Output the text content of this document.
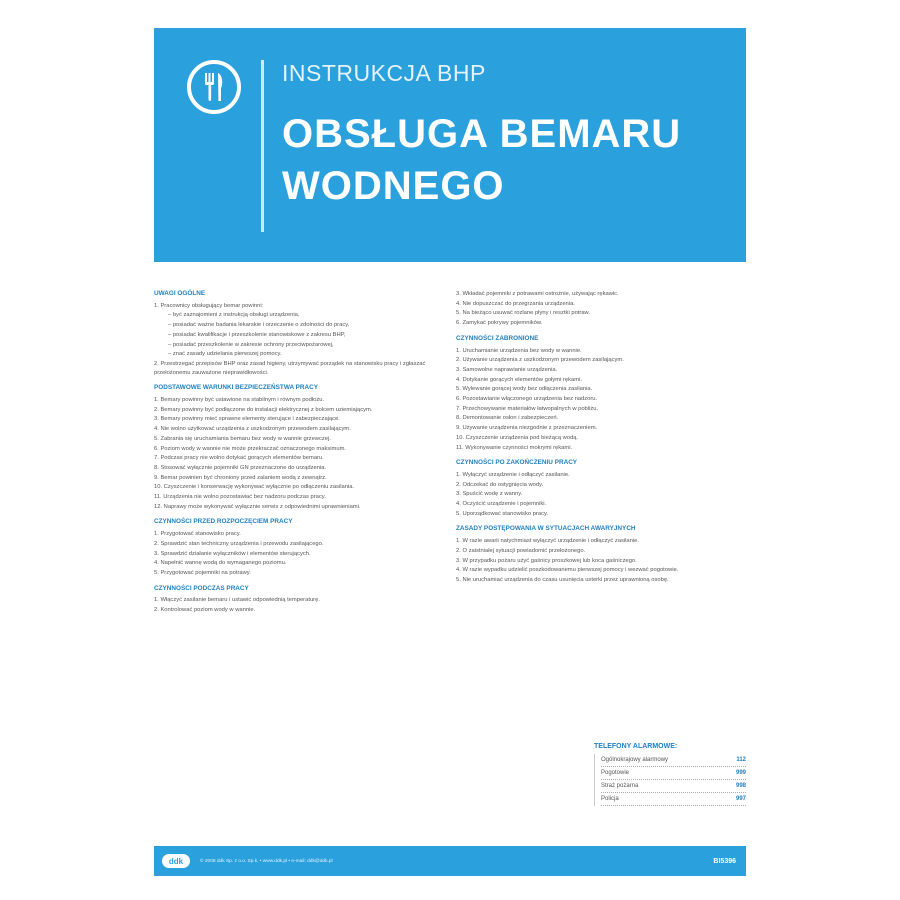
INSTRUKCJA BHP
OBSŁUGA BEMARU
WODNEGO
UWAGI OGÓLNE
1. Pracownicy obsługujący bemar powinni:
– być zaznajomieni z instrukcją obsługi urządzenia,
– posiadać ważne badania lekarskie i orzeczenie o zdolności do pracy,
– posiadać kwalifikacje i przeszkolenie stanowiskowe z zakresu BHP,
– posiadać przeszkolenie w zakresie ochrony przeciwpożarowej,
– znać zasady udzielania pierwszej pomocy.
2. Przestrzegać przepisów BHP oraz zasad higieny, utrzymywać porządek na stanowisku pracy i zgłaszać przełożonemu zauważone nieprawidłowości.
PODSTAWOWE WARUNKI BEZPIECZEŃSTWA PRACY
1. Bemary powinny być ustawione na stabilnym i równym podłożu.
2. Bemary powinny być podłączone do instalacji elektrycznej z bolcem uziemiającym.
3. Bemary powinny mieć sprawne elementy sterujące i zabezpieczające.
4. Nie wolno użytkować urządzenia z uszkodzonym przewodem zasilającym.
5. Zabrania się uruchamiania bemaru bez wody w wannie grzewczej.
6. Poziom wody w wannie nie może przekraczać oznaczonego maksimum.
7. Podczas pracy nie wolno dotykać gorących elementów bemaru.
8. Stosować wyłącznie pojemniki GN przeznaczone do urządzenia.
9. Bemar powinien być chroniony przed zalaniem wodą z zewnątrz.
10. Czyszczenie i konserwację wykonywać wyłącznie po odłączeniu zasilania.
11. Urządzenia nie wolno pozostawiać bez nadzoru podczas pracy.
12. Naprawy może wykonywać wyłącznie serwis z odpowiednimi uprawnieniami.
CZYNNOŚCI PRZED ROZPOCZĘCIEM PRACY
1. Przygotować stanowisko pracy.
2. Sprawdzić stan techniczny urządzenia i przewodu zasilającego.
3. Sprawdzić działanie wyłączników i elementów sterujących.
4. Napełnić wannę wodą do wymaganego poziomu.
5. Przygotować pojemniki na potrawy.
CZYNNOŚCI PODCZAS PRACY
1. Włączyć zasilanie bemaru i ustawić odpowiednią temperaturę.
2. Kontrolować poziom wody w wannie.
3. Wkładać pojemniki z potrawami ostrożnie, używając rękawic.
4. Nie dopuszczać do przegrzania urządzenia.
5. Na bieżąco usuwać rozlane płyny i resztki potraw.
6. Zamykać pokrywy pojemników.
CZYNNOŚCI ZABRONIONE
1. Uruchamianie urządzenia bez wody w wannie.
2. Używanie urządzenia z uszkodzonym przewodem zasilającym.
3. Samowolne naprawianie urządzenia.
4. Dotykanie gorących elementów gołymi rękami.
5. Wylewanie gorącej wody bez odłączenia zasilania.
6. Pozostawianie włączonego urządzenia bez nadzoru.
7. Przechowywanie materiałów łatwopalnych w pobliżu.
8. Demontowanie osłon i zabezpieczeń.
9. Używanie urządzenia niezgodnie z przeznaczeniem.
10. Czyszczenie urządzenia pod bieżącą wodą.
11. Wykonywanie czynności mokrymi rękami.
CZYNNOŚCI PO ZAKOŃCZENIU PRACY
1. Wyłączyć urządzenie i odłączyć zasilanie.
2. Odczekać do ostygnięcia wody.
3. Spuścić wodę z wanny.
4. Oczyścić urządzenie i pojemniki.
5. Uporządkować stanowisko pracy.
ZASADY POSTĘPOWANIA W SYTUACJACH AWARYJNYCH
1. W razie awarii natychmiast wyłączyć urządzenie i odłączyć zasilanie.
2. O zaistniałej sytuacji powiadomić przełożonego.
3. W przypadku pożaru użyć gaśnicy proszkowej lub koca gaśniczego.
4. W razie wypadku udzielić poszkodowanemu pierwszej pomocy i wezwać pogotowie.
5. Nie uruchamiać urządzenia do czasu usunięcia usterki przez uprawnioną osobę.
TELEFONY ALARMOWE:
Ogólnokrajowy alarmowy	112
Pogotowie	999
Straż pożarna	998
Policja	997
ddk	© 2008 ddk Sp. z o.o. Sp.k. • www.ddk.pl • e-mail: ddk@ddk.pl	BI5396
